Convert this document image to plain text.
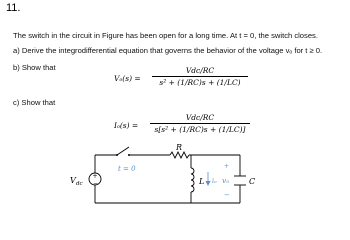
11.
The switch in the circuit in Figure has been open for a long time. At t = 0, the switch closes.
a) Derive the integrodifferential equation that governs the behavior of the voltage vₒ for t ≥ 0.
b) Show that
Vₒ(s) =
Vdc/RC
s² + (1/RC)s + (1/LC)
c) Show that
Iₒ(s) =
Vdc/RC
s[s² + (1/RC)s + (1/LC)]
+
−
V dc
t = 0
R
L iₒ
+
vₒ
−
C
